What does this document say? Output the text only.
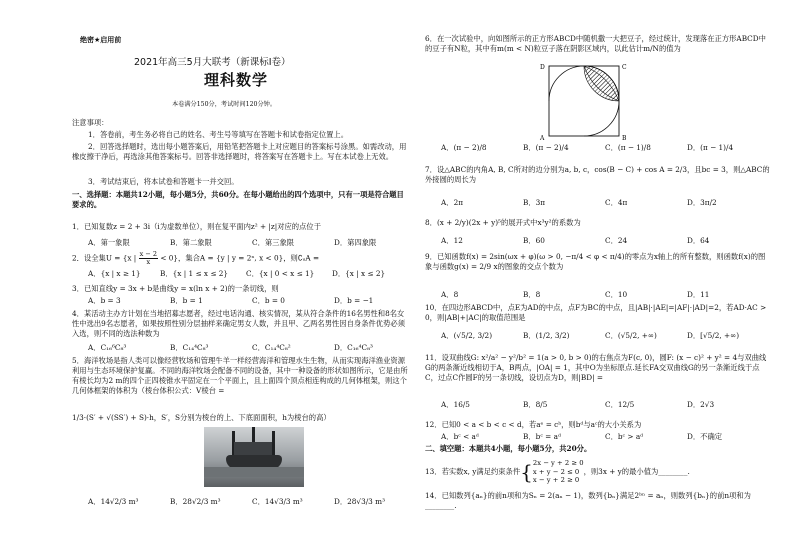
绝密★启用前
2021年高三5月大联考（新课标Ⅰ卷）
理科数学
本卷满分150分，考试时间120分钟。
注意事项：
1．答卷前，考生务必将自己的姓名、考生号等填写在答题卡和试卷指定位置上。
2．回答选择题时，选出每小题答案后，用铅笔把答题卡上对应题目的答案标号涂黑。如需改动，用橡皮擦干净后，再选涂其他答案标号。回答非选择题时，将答案写在答题卡上。写在本试卷上无效。
3．考试结束后，将本试卷和答题卡一并交回。
一、选择题：本题共12小题，每小题5分，共60分。在每小题给出的四个选项中，只有一项是符合题目要求的。
1．已知复数z = 2 + 3i（i为虚数单位），则在复平面内z² + |z|对应的点位于
A．第一象限	B．第二象限	C．第三象限	D．第四象限
2．设全集U = {x | $\frac{x - 2}{x} < 0$}，集合A = {y | y = 2ˣ, x < 0}，则∁ᵤA =
A．{x | x ≥ 1}	B．{x | 1 ≤ x ≤ 2}	C．{x | 0 < x ≤ 1}	D．{x | x ≤ 2}
3．已知直线y = 3x + b是曲线y = x(ln x + 2)的一条切线，则
A．b = 3	B．b = 1	C．b = 0	D．b = −1
4．某活动主办方计划在当地招募志愿者，经过电话沟通、核实情况，某从符合条件的16名男性和8名女性中选出9名志愿者，如果按照性别分层抽样来确定男女人数，并且甲、乙两名男性因自身条件优势必须入选，则不同的选法种数为
A．C₁₆⁶C₈³	B．C₁₄⁴C₈³	C．C₁₄⁴C₈²	D．C₁₆⁴C₈³
5．海洋牧场是指人类可以像经营牧场和管理牛羊一样经营海洋和管理水生生物，从而实现海洋渔业资源利用与生态环境保护复赢。不同的海洋牧场会配备不同的设备，其中一种设备的形状如图所示，它是由所有棱长均为2 m的四个正四棱锥水平固定在一个平面上，且上面四个顶点相连构成的几何体框架，则这个几何体框架的体积为（棱台体积公式：V棱台 =
1/3·(S′ + √(SS′) + S)·h，S′，S分别为棱台的上、下底面面积，h为棱台的高）
A．14√2/3 m³	B．28√2/3 m³	C．14√3/3 m³	D．28√3/3 m³
6．在一次试验中，向如图所示的正方形ABCD中随机撒一大把豆子，经过统计，发现落在正方形ABCD中的豆子有N粒，其中有m(m < N)粒豆子落在阴影区域内，以此估计m/N的值为
D	C
A	B
A．(π − 2)/8	B．(π − 2)/4	C．(π − 1)/8	D．(π − 1)/4
7．设△ABC的内角A, B, C所对的边分别为a, b, c，cos(B − C) + cos A = 2/3，且bc = 3，则△ABC的外接圆的周长为
A．2π	B．3π	C．4π	D．3π/2
8．(x + 2/y)(2x + y)⁵的展开式中x³y²的系数为
A．12	B．60	C．24	D．64
9．已知函数f(x) = 2sin(ωx + φ)(ω > 0, −π/4 < φ < π/4)的零点为x轴上的所有整数，则函数f(x)的图象与函数g(x) = 2/9 x的图象的交点个数为
A．8	B．8	C．10	D．11
10．在四边形ABCD中，点E为AD的中点，点F为BC的中点，且|AB|·|AE|=|AF|·|AD|=2，若AD·AC > 0，则|AB|+|AC|的取值范围是
A．(√5/2, 3/2)	B．(1/2, 3/2)	C．(√5/2, +∞)	D．[√5/2, +∞)
11．设双曲线G: x²/a² − y²/b² = 1(a > 0, b > 0)的右焦点为F(c, 0)，圆F: (x − c)² + y² = 4与双曲线G的两条渐近线相切于A，B两点，|OA| = 1，其中O为坐标原点.延长FA交双曲线G的另一条渐近线于点C，过点C作圆F的另一条切线，设切点为D，则|BD| =
A．16/5	B．8/5	C．12/5	D．2√3
12．已知0 < a < b < c < d，若aᵉ = cᵇ，则bᵈ与aᶜ的大小关系为
A．bᶜ < aᵈ	B．bᶜ = aᵈ	C．bᶜ > aᵈ	D．不确定
二、填空题：本题共4小题，每小题5分，共20分。
13．若实数x, y满足约束条件{ 2x − y + 2 ≥ 0
x + y − 2 ≤ 0
x − y + 2 ≥ 0
，则3x + y的最小值为________.
14．已知数列{aₙ}的前n项和为Sₙ = 2(aₙ − 1)，数列{bₙ}满足2ᵇⁿ = aₙ，则数列{bₙ}的前n项和为________.
